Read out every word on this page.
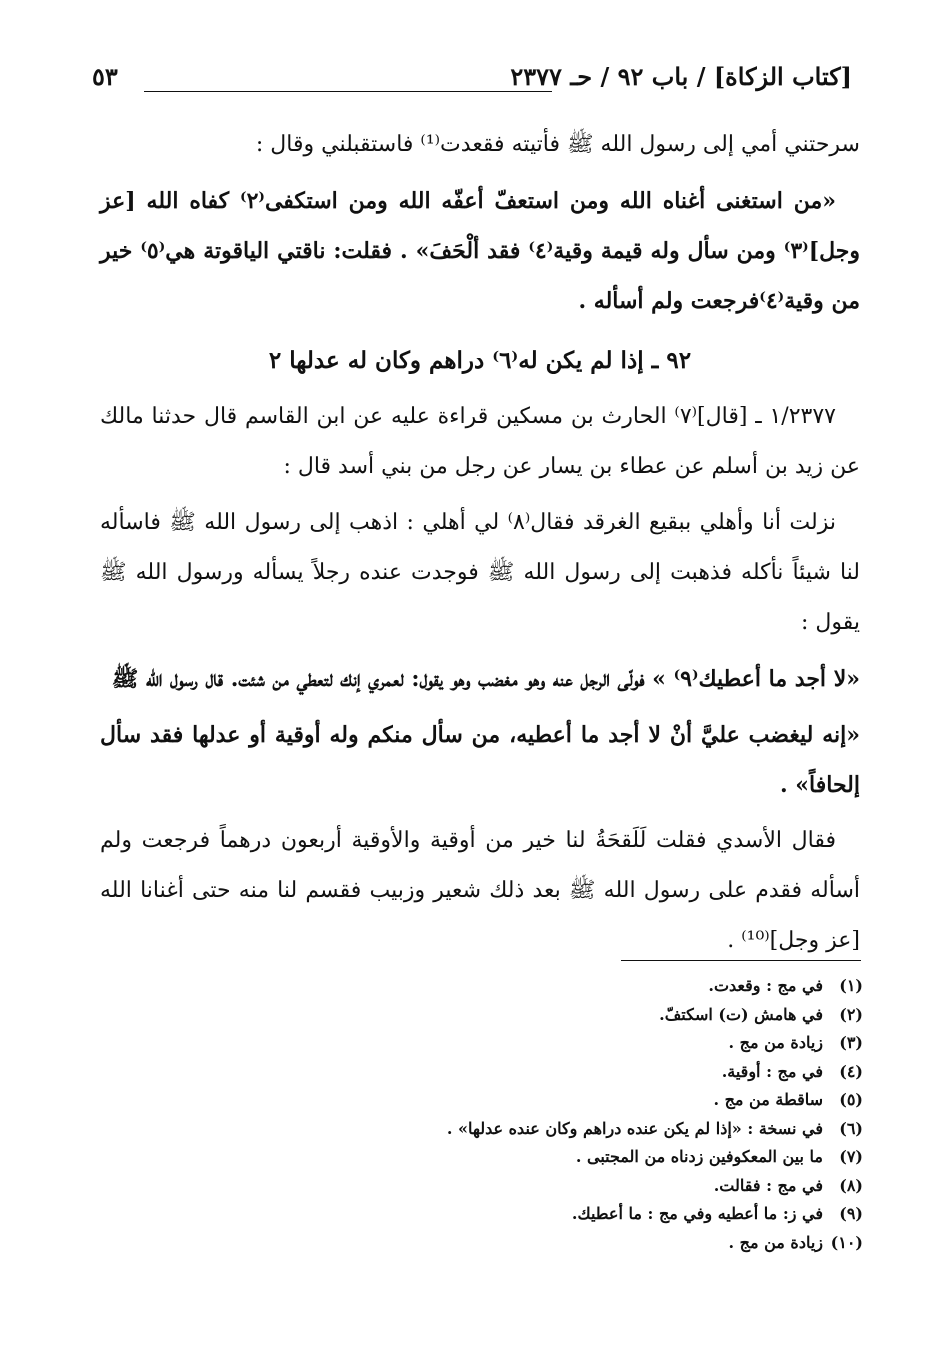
[كتاب الزكاة] / باب ٩٢ / حـ ٢٣٧٧
٥٣

سرحتني أمي إلى رسول الله ﷺ فأتيته فقعدت⁽¹⁾ فاستقبلني وقال :

«من استغنى أغناه الله ومن استعفّ أعفّه الله ومن استكفى⁽٢⁾ كفاه الله [عز وجل]⁽٣⁾ ومن سأل وله قيمة وقية⁽٤⁾ فقد ألْحَفَ» . فقلت: ناقتي الياقوتة هي⁽٥⁾ خير من وقية⁽٤⁾فرجعت ولم أسأله .

٩٢ ـ إذا لم يكن له⁽٦⁾ دراهم وكان له عدلها ٢

١/٢٣٧٧ ـ [قال]⁽٧⁾ الحارث بن مسكين قراءة عليه عن ابن القاسم قال حدثنا مالك عن زيد بن أسلم عن عطاء بن يسار عن رجل من بني أسد قال :

نزلت أنا وأهلي ببقيع الغرقد فقال⁽٨⁾ لي أهلي : اذهب إلى رسول الله ﷺ فاسأله لنا شيئاً نأكله فذهبت إلى رسول الله ﷺ فوجدت عنده رجلاً يسأله ورسول الله ﷺ يقول :

«لا أجد ما أعطيك⁽٩⁾ » فولّى الرجل عنه وهو مغضب وهو يقول: لعمري إنك لتعطي من شئت. قال رسول الله ﷺ

«إنه ليغضب عليَّ أنْ لا أجد ما أعطيه، من سأل منكم وله أوقية أو عدلها فقد سأل إلحافاً» .

فقال الأسدي فقلت لَلَقحَةُ لنا خير من أوقية والأوقية أربعون درهماً فرجعت ولم أسأله فقدم على رسول الله ﷺ بعد ذلك شعير وزبيب فقسم لنا منه حتى أغنانا الله [عز وجل]⁽¹⁰⁾ .

(١)في مج : وقعدت.
(٢)في هامش (ت) اسكتفّ.
(٣)زيادة من مج .
(٤)في مج : أوقية.
(٥)ساقطة من مج .
(٦)في نسخة : «إذا لم يكن عنده دراهم وكان عنده عدلها» .
(٧)ما بين المعكوفين زدناه من المجتبى .
(٨)في مج : فقالت.
(٩)في ز: ما أعطيه وفي مج : ما أعطيك.
(١٠)زيادة من مج .
